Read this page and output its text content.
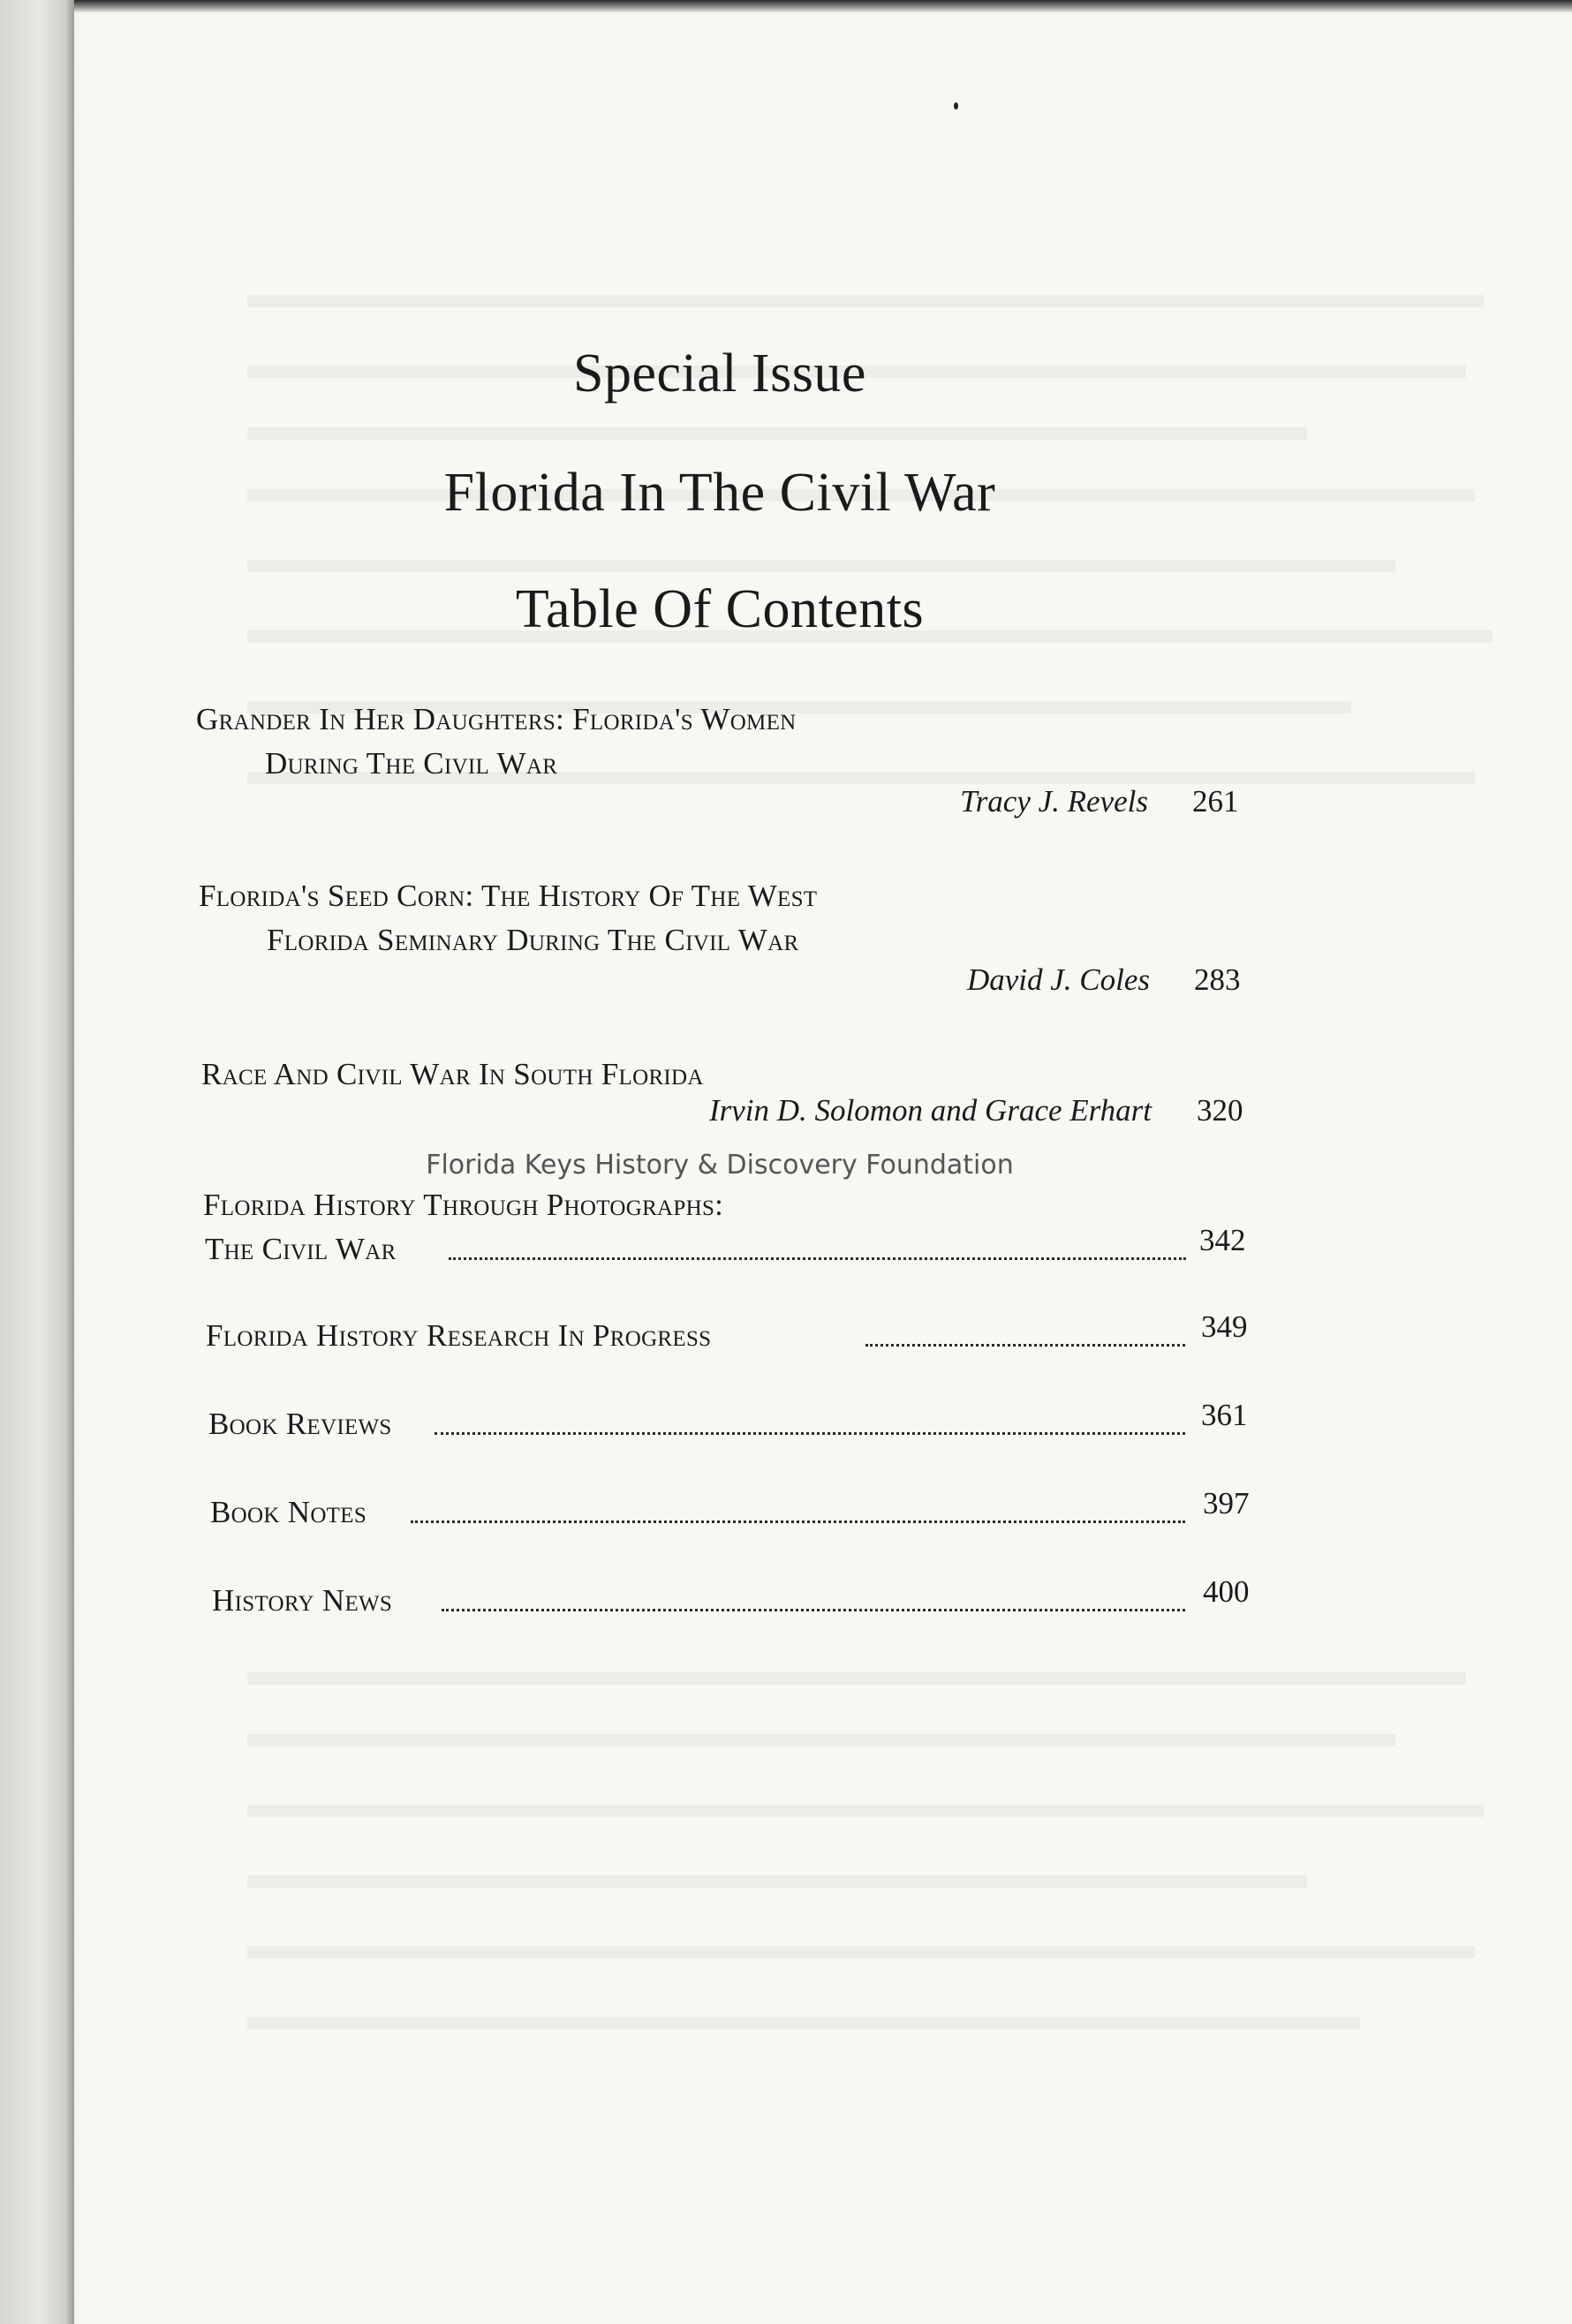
Special Issue
Florida In The Civil War
Table Of Contents
Grander In Her Daughters: Florida's Women
During The Civil War
Tracy J. Revels 261
Florida's Seed Corn: The History Of The West
Florida Seminary During The Civil War
David J. Coles 283
Race And Civil War In South Florida
Irvin D. Solomon and Grace Erhart 320
Florida Keys History & Discovery Foundation
Florida History Through Photographs:
The Civil War	342
Florida History Research In Progress	349
Book Reviews	361
Book Notes	397
History News	400
